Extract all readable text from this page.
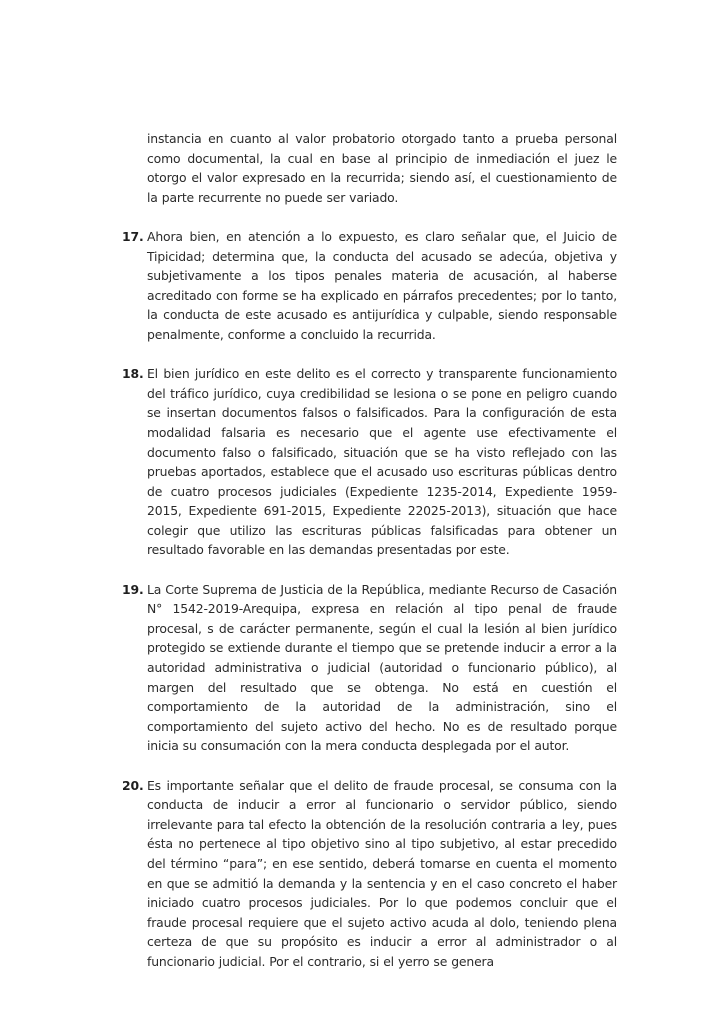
instancia en cuanto al valor probatorio otorgado tanto a prueba personal como documental, la cual en base al principio de inmediación el juez le otorgo el valor expresado en la recurrida; siendo así, el cuestionamiento de la parte recurrente no puede ser variado.

17. Ahora bien, en atención a lo expuesto, es claro señalar que, el Juicio de Tipicidad; determina que, la conducta del acusado se adecúa, objetiva y subjetivamente a los tipos penales materia de acusación, al haberse acreditado con forme se ha explicado en párrafos precedentes; por lo tanto, la conducta de este acusado es antijurídica y culpable, siendo responsable penalmente, conforme a concluido la recurrida.

18. El bien jurídico en este delito es el correcto y transparente funcionamiento del tráfico jurídico, cuya credibilidad se lesiona o se pone en peligro cuando se insertan documentos falsos o falsificados. Para la configuración de esta modalidad falsaria es necesario que el agente use efectivamente el documento falso o falsificado, situación que se ha visto reflejado con las pruebas aportados, establece que el acusado uso escrituras públicas dentro de cuatro procesos judiciales (Expediente 1235-2014, Expediente 1959-2015, Expediente 691-2015, Expediente 22025-2013), situación que hace colegir que utilizo las escrituras públicas falsificadas para obtener un resultado favorable en las demandas presentadas por este.

19. La Corte Suprema de Justicia de la República, mediante Recurso de Casación N° 1542-2019-Arequipa, expresa en relación al tipo penal de fraude procesal, s de carácter permanente, según el cual la lesión al bien jurídico protegido se extiende durante el tiempo que se pretende inducir a error a la autoridad administrativa o judicial (autoridad o funcionario público), al margen del resultado que se obtenga. No está en cuestión el comportamiento de la autoridad de la administración, sino el comportamiento del sujeto activo del hecho. No es de resultado porque inicia su consumación con la mera conducta desplegada por el autor.

20. Es importante señalar que el delito de fraude procesal, se consuma con la conducta de inducir a error al funcionario o servidor público, siendo irrelevante para tal efecto la obtención de la resolución contraria a ley, pues ésta no pertenece al tipo objetivo sino al tipo subjetivo, al estar precedido del término “para”; en ese sentido, deberá tomarse en cuenta el momento en que se admitió la demanda y la sentencia y en el caso concreto el haber iniciado cuatro procesos judiciales. Por lo que podemos concluir que el fraude procesal requiere que el sujeto activo acuda al dolo, teniendo plena certeza de que su propósito es inducir a error al administrador o al funcionario judicial. Por el contrario, si el yerro se genera
